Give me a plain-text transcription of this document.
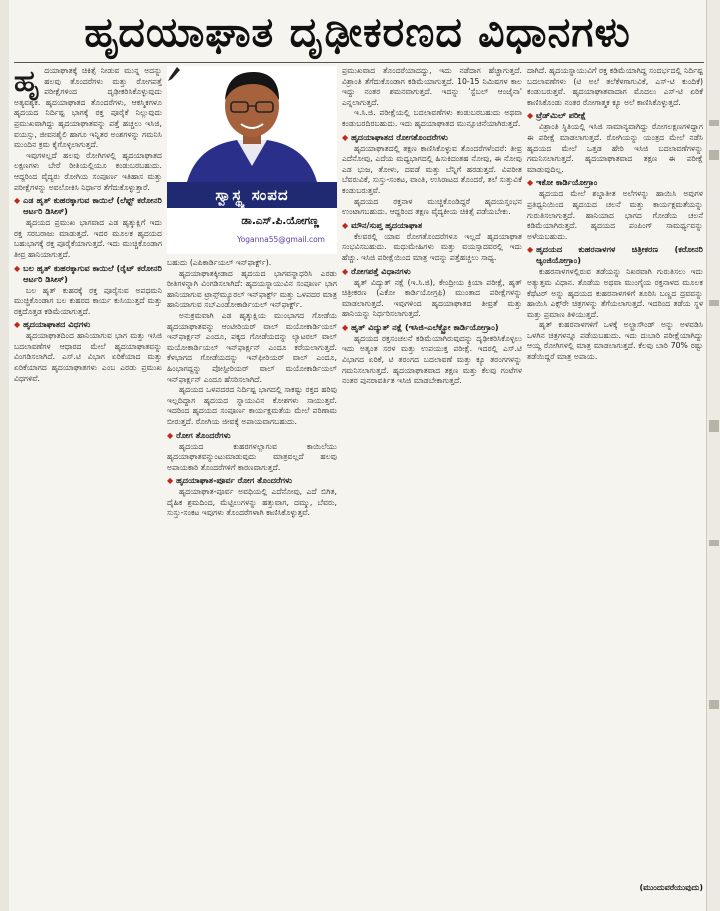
ಹೃದಯಾಘಾತ ದೃಢೀಕರಣದ ವಿಧಾನಗಳು

ಹೃದಯಾಘಾತಕ್ಕೆ ಚಿಕಿತ್ಸೆ ನೀಡುವ ಮುನ್ನ ಅದನ್ನು ಹಲವು ತೊಂದರೆಗಳು ಮತ್ತು ರೋಗಪತ್ತೆ ಪರೀಕ್ಷೆಗಳಿಂದ ದೃಢೀಕರಿಸಿಕೊಳ್ಳುವುದು ಅತ್ಯವಶ್ಯಕ. ಹೃದಯಾಘಾತದ ತೊಂದರೆಗಳು, ಆಕಸ್ಮಿಕಗಳೂ ಹೃದಯದ ನಿರ್ದಿಷ್ಟ ಭಾಗಕ್ಕೆ ರಕ್ತ ಪೂರೈಕೆ ನಿಲ್ಲುವುದು ಪ್ರಮುಖವಾಗಿದ್ದು ಹೃದಯಾಘಾತವನ್ನು ಪತ್ತೆ ಹಚ್ಚಲು ಇಸಿಜಿ, ವಯಸ್ಸು, ಜೀವನಶೈಲಿ ಹಾಗೂ ಇನ್ನಿತರ ಅಂಶಗಳನ್ನು ಗಮನಿಸಿ ಮುಂದಿನ ಕ್ರಮ ಕೈಗೊಳ್ಳಲಾಗುತ್ತದೆ.

ಇವುಗಳಲ್ಲದೆ ಹಲವು ರೋಗಿಗಳಲ್ಲಿ ಹೃದಯಾಘಾತದ ಲಕ್ಷಣಗಳು ಬೇರೆ ರೀತಿಯಲ್ಲಿಯೂ ಕಂಡುಬರಬಹುದು. ಆದ್ದರಿಂದ ವೈದ್ಯರು ರೋಗಿಯ ಸಂಪೂರ್ಣ ಇತಿಹಾಸ ಮತ್ತು ಪರೀಕ್ಷೆಗಳನ್ನು ಅವಲೋಕಿಸಿ ನಿರ್ಧಾರ ತೆಗೆದುಕೊಳ್ಳುತ್ತಾರೆ.

◆ ಎಡ ಹೃತ್ ಕುಹರಕ್ಕಾಗುವ ಕಾಯಿಲೆ (ಲೆಫ್ಟ್ ಕರೋನರಿ ಆರ್ಟರಿ ಡಿಸೀಸ್)

ಹೃದಯದ ಪ್ರಮುಖ ಭಾಗವಾದ ಎಡ ಹೃತ್ಕುಕ್ಷಿಗೆ ಇದು ರಕ್ತ ಸರಬರಾಜು ಮಾಡುತ್ತದೆ. ಇದರ ಮೂಲಕ ಹೃದಯದ ಬಹುಭಾಗಕ್ಕೆ ರಕ್ತ ಪೂರೈಕೆಯಾಗುತ್ತದೆ. ಇದು ಮುಚ್ಚಿಕೊಂಡಾಗ ತೀವ್ರ ಹಾನಿಯಾಗುತ್ತದೆ.

◆ ಬಲ ಹೃತ್ ಕುಹರಕ್ಕಾಗುವ ಕಾಯಿಲೆ (ರೈಟ್ ಕರೋನರಿ ಆರ್ಟರಿ ಡಿಸೀಸ್)

ಬಲ ಹೃತ್ ಕುಹರಕ್ಕೆ ರಕ್ತ ಪೂರೈಸುವ ಅಪಧಮನಿ ಮುಚ್ಚಿಕೊಂಡಾಗ ಬಲ ಕುಹರದ ಕಾರ್ಯ ಕುಸಿಯುತ್ತದೆ ಮತ್ತು ರಕ್ತದೊತ್ತಡ ಕಡಿಮೆಯಾಗುತ್ತದೆ.

◆ ಹೃದಯಾಘಾತದ ವಿಧಗಳು

ಹೃದಯಾಘಾತದಿಂದ ಹಾನಿಯಾಗುವ ಭಾಗ ಮತ್ತು ಇಸಿಜಿ ಬದಲಾವಣೆಗಳ ಆಧಾರದ ಮೇಲೆ ಹೃದಯಾಘಾತವನ್ನು ವಿಂಗಡಿಸಲಾಗಿದೆ. ಎಸ್.ಟಿ ವಿಭಾಗ ಏರಿಕೆಯಾದ ಮತ್ತು ಏರಿಕೆಯಾಗದ ಹೃದಯಾಘಾತಗಳು ಎಂಬ ಎರಡು ಪ್ರಮುಖ ವಿಧಗಳಿವೆ.

ಸ್ವಾಸ್ಥ್ಯ ಸಂಪದ
ಡಾ.ಎಸ್.ಪಿ.ಯೋಗಣ್ಣ
Yoganna55@gmail.com

ಬಹುದು (ಎಪಿಕಾರ್ಡಿಯಲ್ ಇನ್‌ಫಾರ್ಕ್ಟ್).

ಹೃದಯಾಘಾತಕ್ಕೀಡಾದ ಹೃದಯದ ಭಾಗವನ್ನಾಧರಿಸಿ ಎರಡು ರೀತಿಗಳನ್ನಾಗಿ ವಿಂಗಡಿಸಲಾಗಿದೆ: ಹೃದಯಸ್ನಾಯುವಿನ ಸಂಪೂರ್ಣ ಭಾಗ ಹಾನಿಯಾಗುವ ಟ್ರಾನ್ಸ್‌ಮ್ಯೂರಲ್ ಇನ್‌ಫಾರ್ಕ್ಟ್ ಮತ್ತು ಒಳಪದರ ಮಾತ್ರ ಹಾನಿಯಾಗುವ ಸಬ್‌ಎಂಡೋಕಾರ್ಡಿಯಲ್ ಇನ್‌ಫಾರ್ಕ್ಟ್.

ಅನುಕ್ರಮವಾಗಿ ಎಡ ಹೃತ್ಕುಕ್ಷಿಯ ಮುಂಭಾಗದ ಗೋಡೆಯ ಹೃದಯಾಘಾತವನ್ನು ಆಂಟೀರಿಯರ್ ವಾಲ್ ಮಯೋಕಾರ್ಡಿಯಲ್ ಇನ್‌ಫಾರ್ಕ್ಷನ್ ಎಂದೂ, ಪಕ್ಕದ ಗೋಡೆಯದನ್ನು ಲ್ಯಾಟರಲ್ ವಾಲ್ ಮಯೋಕಾರ್ಡಿಯಲ್ ಇನ್‌ಫಾರ್ಕ್ಷನ್ ಎಂದೂ ಕರೆಯಲಾಗುತ್ತದೆ. ಕೆಳಭಾಗದ ಗೋಡೆಯದನ್ನು ಇನ್‌ಫೀರಿಯರ್ ವಾಲ್ ಎಂದೂ, ಹಿಂಭಾಗದ್ದನ್ನು ಪೋಸ್ಟೀರಿಯರ್ ವಾಲ್ ಮಯೋಕಾರ್ಡಿಯಲ್ ಇನ್‌ಫಾರ್ಕ್ಷನ್ ಎಂದೂ ಹೆಸರಿಸಲಾಗಿದೆ.

ಹೃದಯದ ಒಳಪದರದ ನಿರ್ದಿಷ್ಟ ಭಾಗದಲ್ಲಿ ಸಾಕಷ್ಟು ರಕ್ತದ ಹರಿವು ಇಲ್ಲದಿದ್ದಾಗ ಹೃದಯದ ಸ್ನಾಯುವಿನ ಕೋಶಗಳು ಸಾಯುತ್ತವೆ. ಇದರಿಂದ ಹೃದಯದ ಸಂಪೂರ್ಣ ಕಾರ್ಯಕ್ಷಮತೆಯ ಮೇಲೆ ಪರಿಣಾಮ ಬೀರುತ್ತದೆ. ರೋಗಿಯ ಜೀವಕ್ಕೆ ಅಪಾಯವಾಗಬಹುದು.

◆ ರೋಗ ತೊಂದರೆಗಳು

ಹೃದಯದ ಕುಹರಗಳಲ್ಲಾಗುವ ಕಾಯಿಲೆಯು ಹೃದಯಾಘಾತವನ್ನುಂಟುಮಾಡುವುದು ಮಾತ್ರವಲ್ಲದೆ ಹಲವು ಅಪಾಯಕಾರಿ ತೊಂದರೆಗಳಿಗೆ ಕಾರಣವಾಗುತ್ತದೆ.

◆ ಹೃದಯಾಘಾತ-ಪೂರ್ವ ರೋಗ ತೊಂದರೆಗಳು

ಹೃದಯಾಘಾತ-ಪೂರ್ವ ಅವಧಿಯಲ್ಲಿ ಎದೆನೋವು, ಎದೆ ಬಿಗಿತ, ದೈಹಿಕ ಶ್ರಮದಿಂದ, ಮೆಟ್ಟಿಲುಗಳನ್ನು ಹತ್ತುವಾಗ, ದಮ್ಮು, ಬೆವರು, ಸುಸ್ತು-ಸಂಕಟ ಇವುಗಳು ತೊಂದರೆಗಳಾಗಿ ಕಾಣಿಸಿಕೊಳ್ಳುತ್ತವೆ.

ಪ್ರಮುಖವಾದ ತೊಂದರೆಯಾದದ್ದು, ಇದು ನಡೆದಾಗ ಹೆಚ್ಚಾಗುತ್ತದೆ. ವಿಶ್ರಾಂತಿ ತೆಗೆದುಕೊಂಡಾಗ ಕಡಿಮೆಯಾಗುತ್ತದೆ. 10-15 ನಿಮಿಷಗಳ ಕಾಲ ಇದ್ದು ನಂತರ ಶಮನವಾಗುತ್ತದೆ. ಇದನ್ನು 'ಸ್ಟೆಬಲ್ ಆಂಜೈನಾ' ಎನ್ನಲಾಗುತ್ತದೆ.

ಇ.ಸಿ.ಜಿ. ಪರೀಕ್ಷೆಯಲ್ಲಿ ಬದಲಾವಣೆಗಳು ಕಂಡುಬರಬಹುದು ಅಥವಾ ಕಂಡುಬರದಿರಬಹುದು. ಇದು ಹೃದಯಾಘಾತದ ಮುನ್ಸೂಚನೆಯಾಗಿರುತ್ತದೆ.

◆ ಹೃದಯಾಘಾತದ ರೋಗತೊಂದರೆಗಳು

ಹೃದಯಾಘಾತದಲ್ಲಿ ತಕ್ಷಣ ಕಾಣಿಸಿಕೊಳ್ಳುವ ತೊಂದರೆಗಳೆಂದರೆ: ತೀವ್ರ ಎದೆನೋವು, ಎದೆಯ ಮಧ್ಯಭಾಗದಲ್ಲಿ ಹಿಸುಕಿದಂತಹ ನೋವು, ಈ ನೋವು ಎಡ ಭುಜ, ತೋಳು, ದವಡೆ ಮತ್ತು ಬೆನ್ನಿಗೆ ಹರಡುತ್ತದೆ. ವಿಪರೀತ ಬೆವರುವಿಕೆ, ಸುಸ್ತು-ಸಂಕಟ, ವಾಂತಿ, ಉಸಿರಾಟದ ತೊಂದರೆ, ತಲೆ ಸುತ್ತುವಿಕೆ ಕಂಡುಬರುತ್ತವೆ.

ಹೃದಯದ ರಕ್ತನಾಳ ಮುಚ್ಚಿಕೊಂಡಿದ್ದರೆ ಹೃದಯಸ್ತಂಭನ ಉಂಟಾಗಬಹುದು. ಆದ್ದರಿಂದ ತಕ್ಷಣ ವೈದ್ಯಕೀಯ ಚಿಕಿತ್ಸೆ ಪಡೆಯಬೇಕು.

◆ ಮೌನ/ಸುಪ್ತ ಹೃದಯಾಘಾತ

ಕೆಲವರಲ್ಲಿ ಯಾವ ರೋಗತೊಂದರೆಗಳೂ ಇಲ್ಲದೆ ಹೃದಯಾಘಾತ ಸಂಭವಿಸಬಹುದು. ಮಧುಮೇಹಿಗಳು ಮತ್ತು ವಯಸ್ಸಾದವರಲ್ಲಿ ಇದು ಹೆಚ್ಚು. ಇಸಿಜಿ ಪರೀಕ್ಷೆಯಿಂದ ಮಾತ್ರ ಇದನ್ನು ಪತ್ತೆಹಚ್ಚಲು ಸಾಧ್ಯ.

◆ ರೋಗಪತ್ತೆ ವಿಧಾನಗಳು

ಹೃತ್ ವಿದ್ಯುತ್ ನಕ್ಷೆ (ಇ.ಸಿ.ಜಿ), ಕೇಂದ್ರೀಯ ಕ್ರಿಯಾ ಪರೀಕ್ಷೆ, ಹೃತ್ ಚಿತ್ರೀಕರಣ (ಎಕೋ ಕಾರ್ಡಿಯೋಗ್ರಫಿ) ಮುಂತಾದ ಪರೀಕ್ಷೆಗಳನ್ನು ಮಾಡಲಾಗುತ್ತದೆ. ಇವುಗಳಿಂದ ಹೃದಯಾಘಾತದ ತೀವ್ರತೆ ಮತ್ತು ಹಾನಿಯನ್ನು ನಿರ್ಧರಿಸಲಾಗುತ್ತದೆ.

◆ ಹೃತ್ ವಿದ್ಯುತ್ ನಕ್ಷೆ (ಇಸಿಜಿ-ಎಲೆಕ್ಟ್ರೋ ಕಾರ್ಡಿಯೋಗ್ರಾಂ)

ಹೃದಯದ ರಕ್ತಸಂಚಲನೆ ಕಡಿಮೆಯಾಗಿರುವುದನ್ನು ದೃಢೀಕರಿಸಿಕೊಳ್ಳಲು ಇದು ಅತ್ಯಂತ ಸರಳ ಮತ್ತು ಉಪಯುಕ್ತ ಪರೀಕ್ಷೆ. ಇದರಲ್ಲಿ ಎಸ್.ಟಿ ವಿಭಾಗದ ಏರಿಕೆ, ಟಿ ತರಂಗದ ಬದಲಾವಣೆ ಮತ್ತು ಕ್ಯೂ ತರಂಗಗಳನ್ನು ಗಮನಿಸಲಾಗುತ್ತದೆ. ಹೃದಯಾಘಾತವಾದ ತಕ್ಷಣ ಮತ್ತು ಕೆಲವು ಗಂಟೆಗಳ ನಂತರ ಪುನರಾವರ್ತಿತ ಇಸಿಜಿ ಮಾಡಬೇಕಾಗುತ್ತದೆ.

ದಾಗಿದೆ. ಹೃದಯಸ್ನಾಯುವಿಗೆ ರಕ್ತ ಕಡಿಮೆಯಾಗಿದ್ದ ಸಂದರ್ಭದಲ್ಲಿ ನಿರ್ದಿಷ್ಟ ಬದಲಾವಣೆಗಳು (ಟಿ ಅಲೆ ತಲೆಕೆಳಗಾಗುವಿಕೆ, ಎಸ್-ಟಿ ಕುಂದಿಕೆ) ಕಂಡುಬರುತ್ತವೆ. ಹೃದಯಾಘಾತವಾದಾಗ ಮೊದಲು ಎಸ್-ಟಿ ಏರಿಕೆ ಕಾಣಿಸಿಕೊಂಡು ನಂತರ ರೋಗಾತ್ಮಕ ಕ್ಯೂ ಅಲೆ ಕಾಣಿಸಿಕೊಳ್ಳುತ್ತದೆ.

◆ ಟ್ರೆಡ್‌ಮಿಲ್ ಪರೀಕ್ಷೆ

ವಿಶ್ರಾಂತಿ ಸ್ಥಿತಿಯಲ್ಲಿ ಇಸಿಜಿ ಸಾಮಾನ್ಯವಾಗಿದ್ದು ರೋಗಲಕ್ಷಣಗಳಿದ್ದಾಗ ಈ ಪರೀಕ್ಷೆ ಮಾಡಲಾಗುತ್ತದೆ. ರೋಗಿಯನ್ನು ಯಂತ್ರದ ಮೇಲೆ ನಡೆಸಿ ಹೃದಯದ ಮೇಲೆ ಒತ್ತಡ ಹೇರಿ ಇಸಿಜಿ ಬದಲಾವಣೆಗಳನ್ನು ಗಮನಿಸಲಾಗುತ್ತದೆ. ಹೃದಯಾಘಾತವಾದ ತಕ್ಷಣ ಈ ಪರೀಕ್ಷೆ ಮಾಡುವುದಿಲ್ಲ.

◆ ಇಕೋ ಕಾರ್ಡಿಯೋಗ್ರಾಂ

ಹೃದಯದ ಮೇಲೆ ಶಬ್ದಾತೀತ ಅಲೆಗಳನ್ನು ಹಾಯಿಸಿ ಅವುಗಳ ಪ್ರತಿಧ್ವನಿಯಿಂದ ಹೃದಯದ ಚಲನೆ ಮತ್ತು ಕಾರ್ಯಕ್ಷಮತೆಯನ್ನು ಗುರುತಿಸಲಾಗುತ್ತದೆ. ಹಾನಿಯಾದ ಭಾಗದ ಗೋಡೆಯ ಚಲನೆ ಕಡಿಮೆಯಾಗಿರುತ್ತದೆ. ಹೃದಯದ ಪಂಪಿಂಗ್ ಸಾಮರ್ಥ್ಯವನ್ನು ಅಳೆಯಬಹುದು.

◆ ಹೃದಯದ ಕುಹರನಾಳಗಳ ಚಿತ್ರೀಕರಣ (ಕರೋನರಿ ಆ್ಯಂಜಿಯೋಗ್ರಾಂ)

ಕುಹರನಾಳಗಳಲ್ಲಿರುವ ತಡೆಯನ್ನು ನಿಖರವಾಗಿ ಗುರುತಿಸಲು ಇದು ಅತ್ಯುತ್ತಮ ವಿಧಾನ. ತೊಡೆಯ ಅಥವಾ ಮುಂಗೈಯ ರಕ್ತನಾಳದ ಮೂಲಕ ಕೆಥೆಟರ್ ಅನ್ನು ಹೃದಯದ ಕುಹರನಾಳಗಳಿಗೆ ತೂರಿಸಿ ಬಣ್ಣದ ದ್ರವವನ್ನು ಹಾಯಿಸಿ ಎಕ್ಸ್‌ರೇ ಚಿತ್ರಗಳನ್ನು ತೆಗೆಯಲಾಗುತ್ತದೆ. ಇದರಿಂದ ತಡೆಯ ಸ್ಥಳ ಮತ್ತು ಪ್ರಮಾಣ ತಿಳಿಯುತ್ತದೆ.

ಹೃತ್ ಕುಹರನಾಳಗಳಿಗೆ ಒಳಕ್ಕೆ ಅಲ್ಟ್ರಾಸೌಂಡ್ ಅನ್ನು ಅಳವಡಿಸಿ ಒಳಗಿನ ಚಿತ್ರಗಳನ್ನೂ ಪಡೆಯಬಹುದು. ಇದು ದುಬಾರಿ ಪರೀಕ್ಷೆಯಾಗಿದ್ದು ಆಯ್ದ ರೋಗಿಗಳಲ್ಲಿ ಮಾತ್ರ ಮಾಡಲಾಗುತ್ತದೆ. ಕೆಲವು ಬಾರಿ 70% ರಷ್ಟು ತಡೆಯಿದ್ದರೆ ಮಾತ್ರ ಅಪಾಯ.

(ಮುಂದುವರೆಯುವುದು)
